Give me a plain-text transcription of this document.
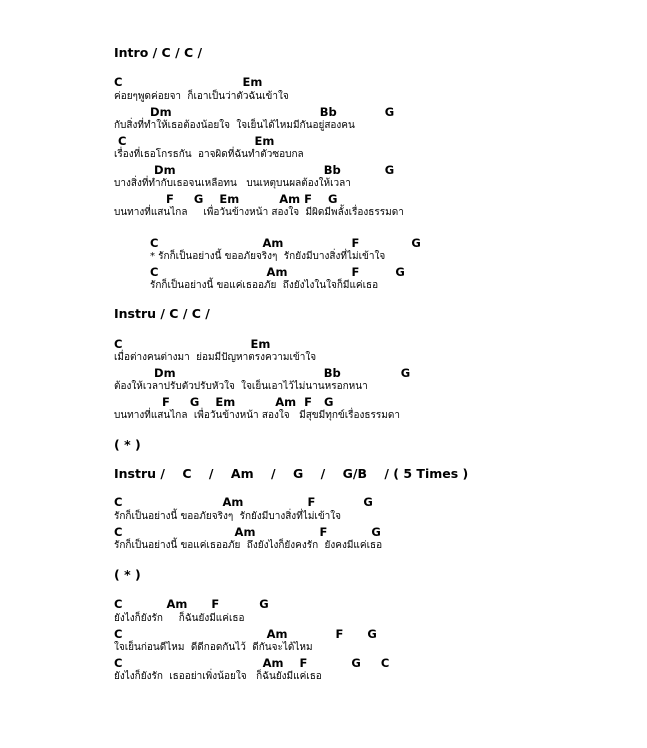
Intro / C / C /
C                              Em
ค่อยๆพูดค่อยจา  ก็เอาเป็นว่าตัวฉันเข้าใจ
Dm                                     Bb            G
กับสิ่งที่ทำให้เธอต้องน้อยใจ  ใจเย็นได้ไหมมีกันอยู่สองคน
C                                Em
เรื่องที่เธอโกรธกัน  อาจผิดที่ฉันทำตัวซอบกล
Dm                                     Bb           G
บางสิ่งที่ทำกับเธอจนเหลือทน   บนเหตุบนผลต้องให้เวลา
F     G    Em          Am F    G
บนทางที่แสนไกล     เพื่อวันข้างหน้า สองใจ  มีผิดมีพลั้งเรื่องธรรมดา
C                          Am                 F             G
* รักก็เป็นอย่างนี้ ขออภัยจริงๆ  รักยังมีบางสิ่งที่ไม่เข้าใจ
C                           Am                F         G
รักก็เป็นอย่างนี้ ขอแค่เธออภัย  ถึงยังไงในใจก็มีแค่เธอ
Instru / C / C /
C                                Em
เมื่อต่างคนต่างมา  ย่อมมีปัญหาตรงความเข้าใจ
Dm                                     Bb               G
ต้องให้เวลาปรับตัวปรับหัวใจ  ใจเย็นเอาไว้ไม่นานหรอกหนา
F     G    Em          Am  F   G
บนทางที่แสนไกล  เพื่อวันข้างหน้า สองใจ   มีสุขมีทุกข์เรื่องธรรมดา
( * )
Instru /    C    /    Am    /    G    /    G/B    / ( 5 Times )
C                         Am                F            G
รักก็เป็นอย่างนี้ ขออภัยจริงๆ  รักยังมีบางสิ่งที่ไม่เข้าใจ
C                            Am                F           G
รักก็เป็นอย่างนี้ ขอแค่เธออภัย  ถึงยังไงก็ยังคงรัก  ยังคงมีแค่เธอ
( * )
C           Am      F          G
ยังไงก็ยังรัก     ก็ฉันยังมีแค่เธอ
C                                    Am            F      G
ใจเย็นก่อนดีไหม  ดีดีกอดกันไว้  ดีกันจะได้ไหม
C                                   Am    F           G     C
ยังไงก็ยังรัก  เธออย่าเพิ่งน้อยใจ   ก็ฉันยังมีแค่เธอ
